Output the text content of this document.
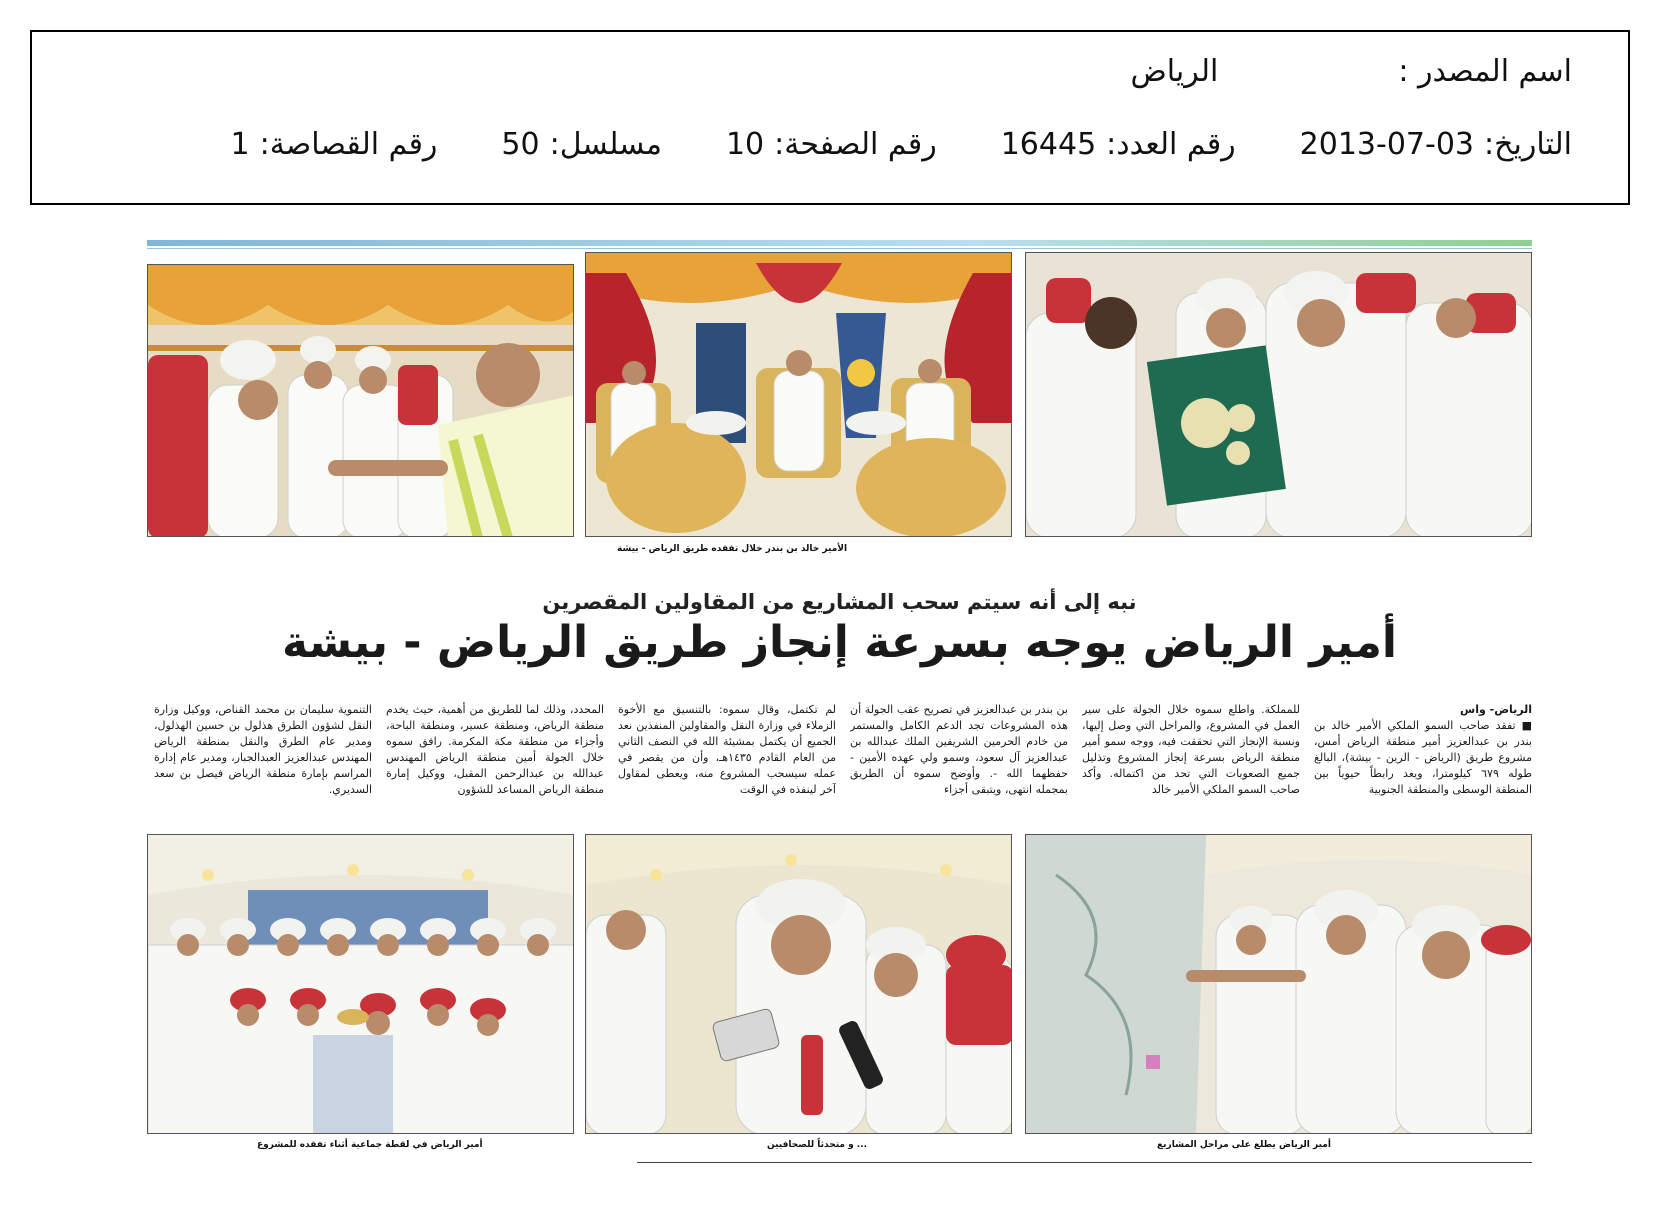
اسم المصدر :
الرياض
التاريخ:
2013-07-03
رقم العدد:
16445
رقم الصفحة:
10
مسلسل:
50
رقم القصاصة:
1
الأمير خالد بن بندر خلال تفقده طريق الرياض - بيشة
نبه إلى أنه سيتم سحب المشاريع من المقاولين المقصرين
أمير الرياض يوجه بسرعة إنجاز طريق الرياض - بيشة
الرياض- واس
■ تفقد صاحب السمو الملكي الأمير خالد بن بندر بن عبدالعزيز أمير منطقة الرياض أمس، مشروع طريق (الرياض - الرين - بيشة)، البالغ طوله ٦٧٩ كيلومترا، ويعد رابطاً حيوياً بين المنطقة الوسطى والمنطقة الجنوبية
للمملكة. واطلع سموه خلال الجولة على سير العمل في المشروع، والمراحل التي وصل إليها، ونسبة الإنجاز التي تحققت فيه، ووجه سمو أمير منطقة الرياض بسرعة إنجاز المشروع وتذليل جميع الصعوبات التي تحد من اكتماله. وأكد صاحب السمو الملكي الأمير خالد
بن بندر بن عبدالعزيز في تصريح عقب الجولة أن هذه المشروعات تجد الدعم الكامل والمستمر من خادم الحرمين الشريفين الملك عبدالله بن عبدالعزيز آل سعود، وسمو ولي عهده الأمين - حفظهما الله -. وأوضح سموه أن الطريق بمجمله انتهى، ويتبقى أجزاء
لم تكتمل، وقال سموه: بالتنسيق مع الأخوة الزملاء في وزارة النقل والمقاولين المنفذين نعد الجميع أن يكتمل بمشيئة الله في النصف الثاني من العام القادم ١٤٣٥هـ، وأن من يقصر في عمله سيسحب المشروع منه، ويعطى لمقاول آخر لينفذه في الوقت
المحدد، وذلك لما للطريق من أهمية، حيث يخدم منطقة الرياض، ومنطقة عسير، ومنطقة الباحة، وأجزاء من منطقة مكة المكرمة. رافق سموه خلال الجولة أمين منطقة الرياض المهندس عبدالله بن عبدالرحمن المقبل، ووكيل إمارة منطقة الرياض المساعد للشؤون
التنموية سليمان بن محمد القناص، ووكيل وزارة النقل لشؤون الطرق هذلول بن حسين الهذلول، ومدير عام الطرق والنقل بمنطقة الرياض المهندس عبدالعزيز العبدالجبار، ومدير عام إدارة المراسم بإمارة منطقة الرياض فيصل بن سعد السديري.
أمير الرياض يطلع على مراحل المشاريع
... و متحدثاً للصحافيين
أمير الرياض في لقطة جماعية أثناء تفقده للمشروع
